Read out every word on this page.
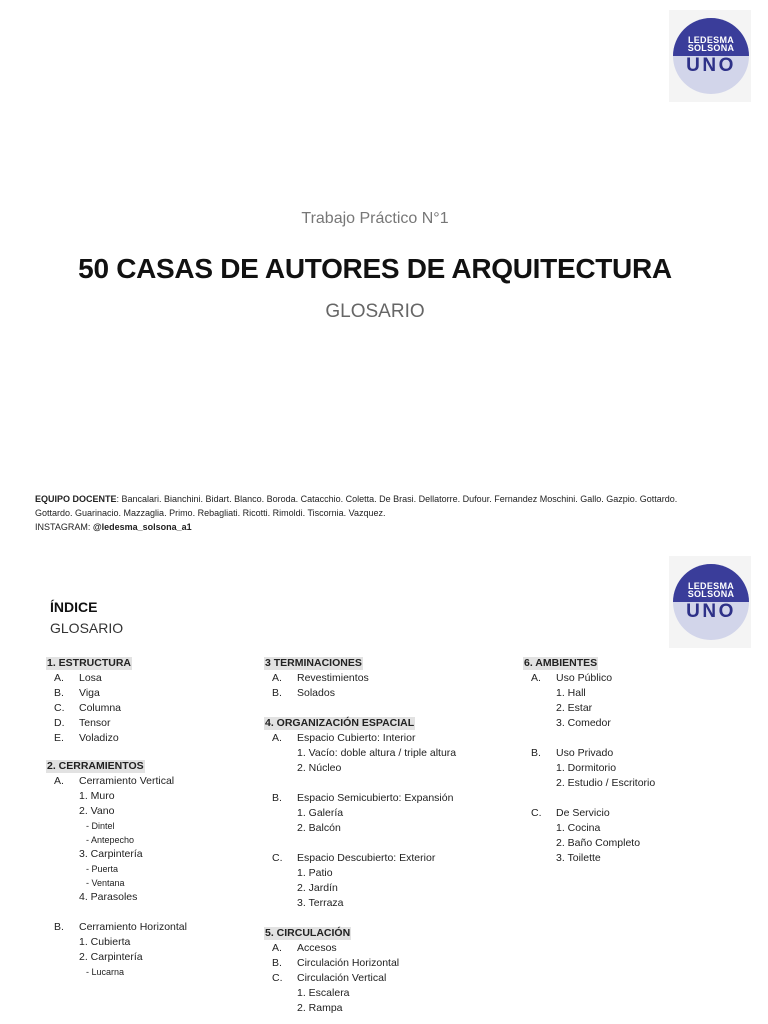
LEDESMA
SOLSONA
UNO
Trabajo Práctico N°1
50 CASAS DE AUTORES DE ARQUITECTURA
GLOSARIO
EQUIPO DOCENTE: Bancalari. Bianchini. Bidart. Blanco. Boroda. Catacchio. Coletta. De Brasi. Dellatorre. Dufour. Fernandez Moschini. Gallo. Gazpio. Gottardo.
Gottardo. Guarinacio. Mazzaglia. Primo. Rebagliati. Ricotti. Rimoldi. Tiscornia. Vazquez.
INSTAGRAM: @ledesma_solsona_a1
LEDESMA
SOLSONA
UNO
ÍNDICE
GLOSARIO
1. ESTRUCTURA
A. Losa
B. Viga
C. Columna
D. Tensor
E. Voladizo
2. CERRAMIENTOS
A. Cerramiento Vertical
1. Muro
2. Vano
- Dintel
- Antepecho
3. Carpintería
- Puerta
- Ventana
4. Parasoles
B. Cerramiento Horizontal
1. Cubierta
2. Carpintería
- Lucarna
3 TERMINACIONES
A. Revestimientos
B. Solados
4. ORGANIZACIÓN ESPACIAL
A. Espacio Cubierto: Interior
1. Vacío: doble altura / triple altura
2. Núcleo
B. Espacio Semicubierto: Expansión
1. Galería
2. Balcón
C. Espacio Descubierto: Exterior
1. Patio
2. Jardín
3. Terraza
5. CIRCULACIÓN
A. Accesos
B. Circulación Horizontal
C. Circulación Vertical
1. Escalera
2. Rampa
6. AMBIENTES
A. Uso Público
1. Hall
2. Estar
3. Comedor
B. Uso Privado
1. Dormitorio
2. Estudio / Escritorio
C. De Servicio
1. Cocina
2. Baño Completo
3. Toilette
